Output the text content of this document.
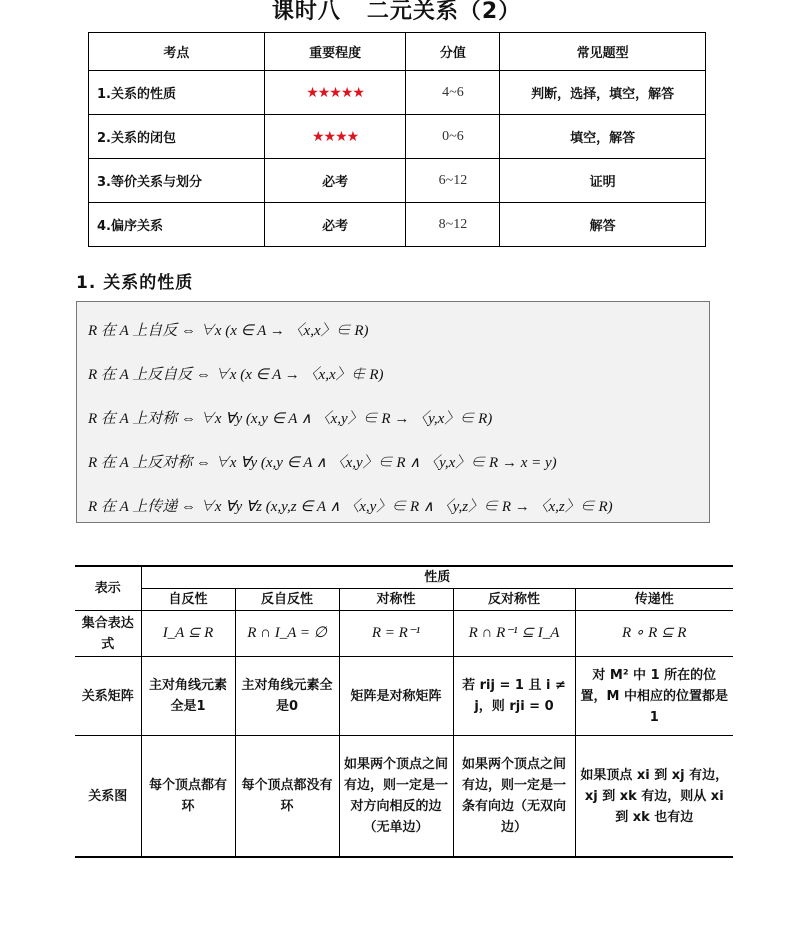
课时八   二元关系（2）
考点	重要程度	分值	常见题型
1.关系的性质	★★★★★	4~6	判断，选择，填空，解答
2.关系的闭包	★★★★	0~6	填空，解答
3.等价关系与划分	必考	6~12	证明
4.偏序关系	必考	8~12	解答
1. 关系的性质
R 在 A 上自反 ⇔ ∀x (x ∈ A → 〈x,x〉∈ R)
R 在 A 上反自反 ⇔ ∀x (x ∈ A → 〈x,x〉∉ R)
R 在 A 上对称 ⇔ ∀x ∀y (x,y ∈ A ∧ 〈x,y〉∈ R → 〈y,x〉∈ R)
R 在 A 上反对称 ⇔ ∀x ∀y (x,y ∈ A ∧ 〈x,y〉∈ R ∧ 〈y,x〉∈ R → x = y)
R 在 A 上传递 ⇔ ∀x ∀y ∀z (x,y,z ∈ A ∧ 〈x,y〉∈ R ∧ 〈y,z〉∈ R → 〈x,z〉∈ R)
表示	性质				
	自反性	反自反性	对称性	反对称性	传递性
集合表达式	I_A ⊆ R	R ∩ I_A = ∅	R = R⁻¹	R ∩ R⁻¹ ⊆ I_A	R ∘ R ⊆ R
关系矩阵	主对角线元素全是1	主对角线元素全是0	矩阵是对称矩阵	若 rij = 1 且 i ≠ j，则 rji = 0	对 M² 中 1 所在的位置，M 中相应的位置都是 1
关系图	每个顶点都有环	每个顶点都没有环	如果两个顶点之间有边，则一定是一对方向相反的边（无单边）	如果两个顶点之间有边，则一定是一条有向边（无双向边）	如果顶点 xi 到 xj 有边，xj 到 xk 有边，则从 xi 到 xk 也有边
